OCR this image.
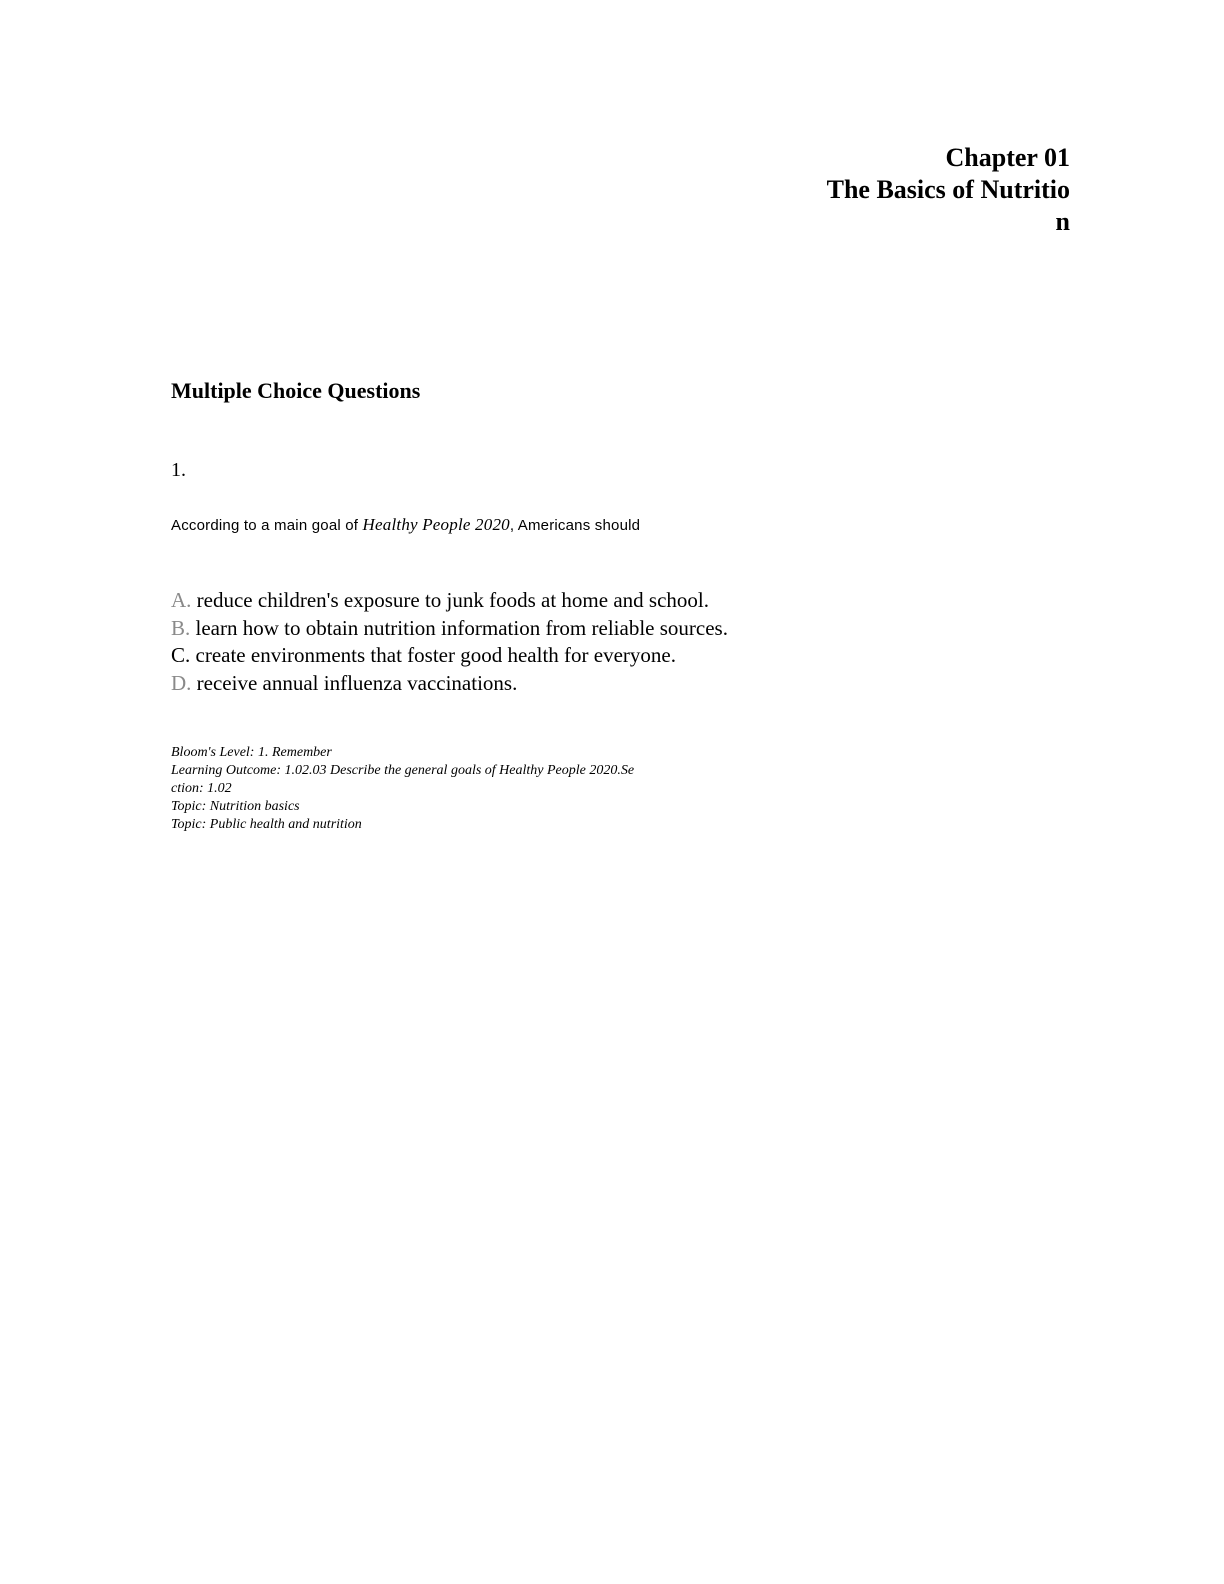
Chapter 01
The Basics of Nutritio
n
Multiple Choice Questions
1.
According to a main goal of Healthy People 2020, Americans should
A. reduce children's exposure to junk foods at home and school.
B. learn how to obtain nutrition information from reliable sources.
C. create environments that foster good health for everyone.
D. receive annual influenza vaccinations.
Bloom's Level: 1. Remember
Learning Outcome: 1.02.03 Describe the general goals of Healthy People 2020.Se
ction: 1.02
Topic: Nutrition basics
Topic: Public health and nutrition
